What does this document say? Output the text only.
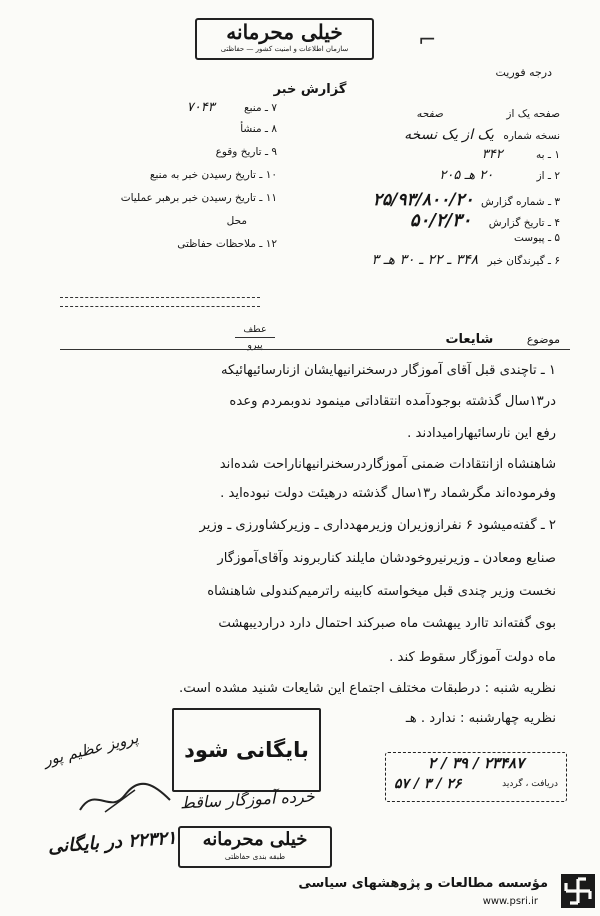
خیلی محرمانه
سازمان اطلاعات و امنیت کشور — حفاظتی	⌐
درجه فوریت
گزارش خبر
صفحه یک از صفحه
نسخه شماره یک از یک نسخه
۱ ـ به ۳۴۲
۲ ـ از ۲۰ هـ ۲۰۵
۳ ـ شماره گزارش ۲۵/۹۳/۸۰۰/۲۰
۴ ـ تاریخ گزارش ۵۰/۲/۳۰
۵ ـ پیوست
۶ ـ گیرندگان خبر ۳۴۸ ـ ۲۲ ـ ۳۰ هـ ۳
۷ ـ منبع ۷۰۴۳
۸ ـ منشأ
۹ ـ تاریخ وقوع
۱۰ ـ تاریخ رسیدن خبر به منبع
۱۱ ـ تاریخ رسیدن خبر برهبر عملیات
محل
۱۲ ـ ملاحظات حفاظتی
عطف
پیرو	موضوع شایعات
۱ ـ تاچندی قبل آقای آموزگار درسخنرانیهایشان ازنارسائیهائیکه
در۱۳سال گذشته بوجودآمده انتقاداتی مینمود ندوبمردم وعده
رفع این نارسائیهارامیدادند .
شاهنشاه ازانتقادات ضمنی آموزگاردرسخنرانیهاناراحت شده‌اند
وفرموده‌اند مگرشماد ر۱۳سال گذشته درهیئت دولت نبوده‌اید .
۲ ـ گفته‌میشود ۶ نفرازوزیران وزیرمهدداری ـ وزیرکشاورزی ـ وزیر
صنایع ومعادن ـ وزیرنیروخودشان مایلند کناربروند وآقای‌آموزگار
نخست وزیر چندی قبل میخواسته کابینه راترمیم‌کندولی شاهنشاه
بوی گفته‌اند تاارد یبهشت ماه صبرکند احتمال دارد دراردیبهشت
ماه دولت آموزگار سقوط کند .
نظریه شنبه : درطبقات مختلف اجتماع این شایعات شنید مشده است.
نظریه چهارشنبه : ندارد . هـ
بایگانی شود
۲۳۴۸۷ / ۳۹ / ۲
دریافت ، گردید
۲۶ / ۳ / ۵۷
پرویز عظیم پور
خرده آموزگار ساقط
۲۲۳۲۱ در بایگانی	خیلی محرمانه
طبقه بندی حفاظتی
مؤسسه مطالعات و پژوهشهای سیاسی
www.psri.ir
